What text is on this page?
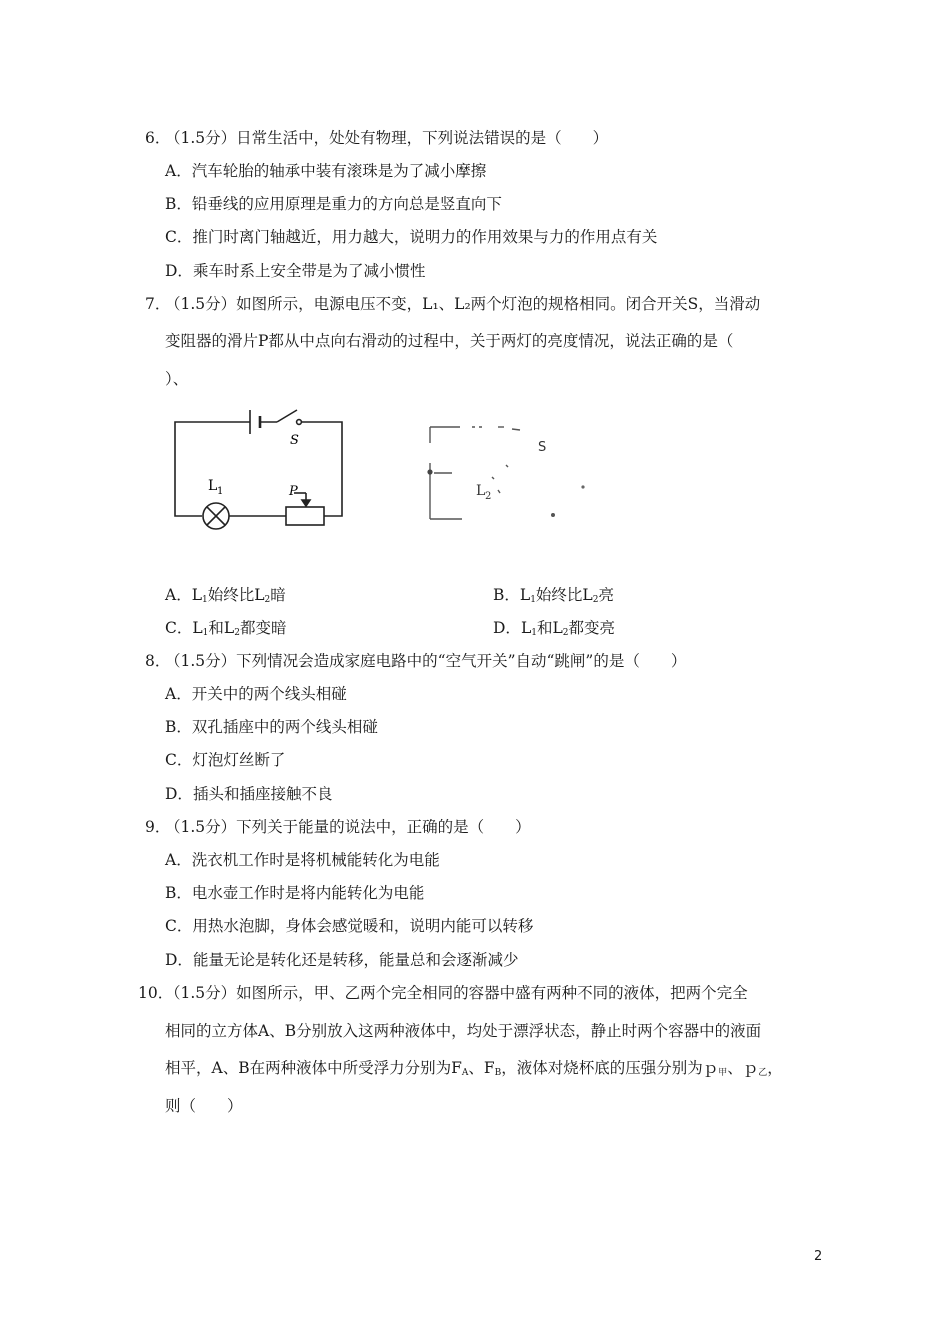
6．
（1.5分）日常生活中，处处有物理，下列说法错误的是（　　）
A．汽车轮胎的轴承中装有滚珠是为了减小摩擦
B．铅垂线的应用原理是重力的方向总是竖直向下
C．推门时离门轴越近，用力越大，说明力的作用效果与力的作用点有关
D．乘车时系上安全带是为了减小惯性
7．
（1.5分）如图所示，电源电压不变，L₁、L₂两个灯泡的规格相同。闭合开关S，当滑动
变阻器的滑片P都从中点向右滑动的过程中，关于两灯的亮度情况，说法正确的是（
）、
S
L 1	P
S
L 2
A．$L_1$始终比$L_2$暗	B．$L_1$始终比$L_2$亮
C．$L_1$和$L_2$都变暗	D．$L_1$和$L_2$都变亮
8．
（1.5分）下列情况会造成家庭电路中的“空气开关”自动“跳闸”的是（　　）
A．开关中的两个线头相碰
B．双孔插座中的两个线头相碰
C．灯泡灯丝断了
D．插头和插座接触不良
9．
（1.5分）下列关于能量的说法中，正确的是（　　）
A．洗衣机工作时是将机械能转化为电能
B．电水壶工作时是将内能转化为电能
C．用热水泡脚，身体会感觉暖和，说明内能可以转移
D．能量无论是转化还是转移，能量总和会逐渐减少
10．
（1.5分）如图所示，甲、乙两个完全相同的容器中盛有两种不同的液体，把两个完全
相同的立方体A、B分别放入这两种液体中，均处于漂浮状态，静止时两个容器中的液面
相平，A、B在两种液体中所受浮力分别为$F_A$、$F_B$，液体对烧杯底的压强分别为ｐ$_甲$、ｐ$_乙$，
则（　　）
2
